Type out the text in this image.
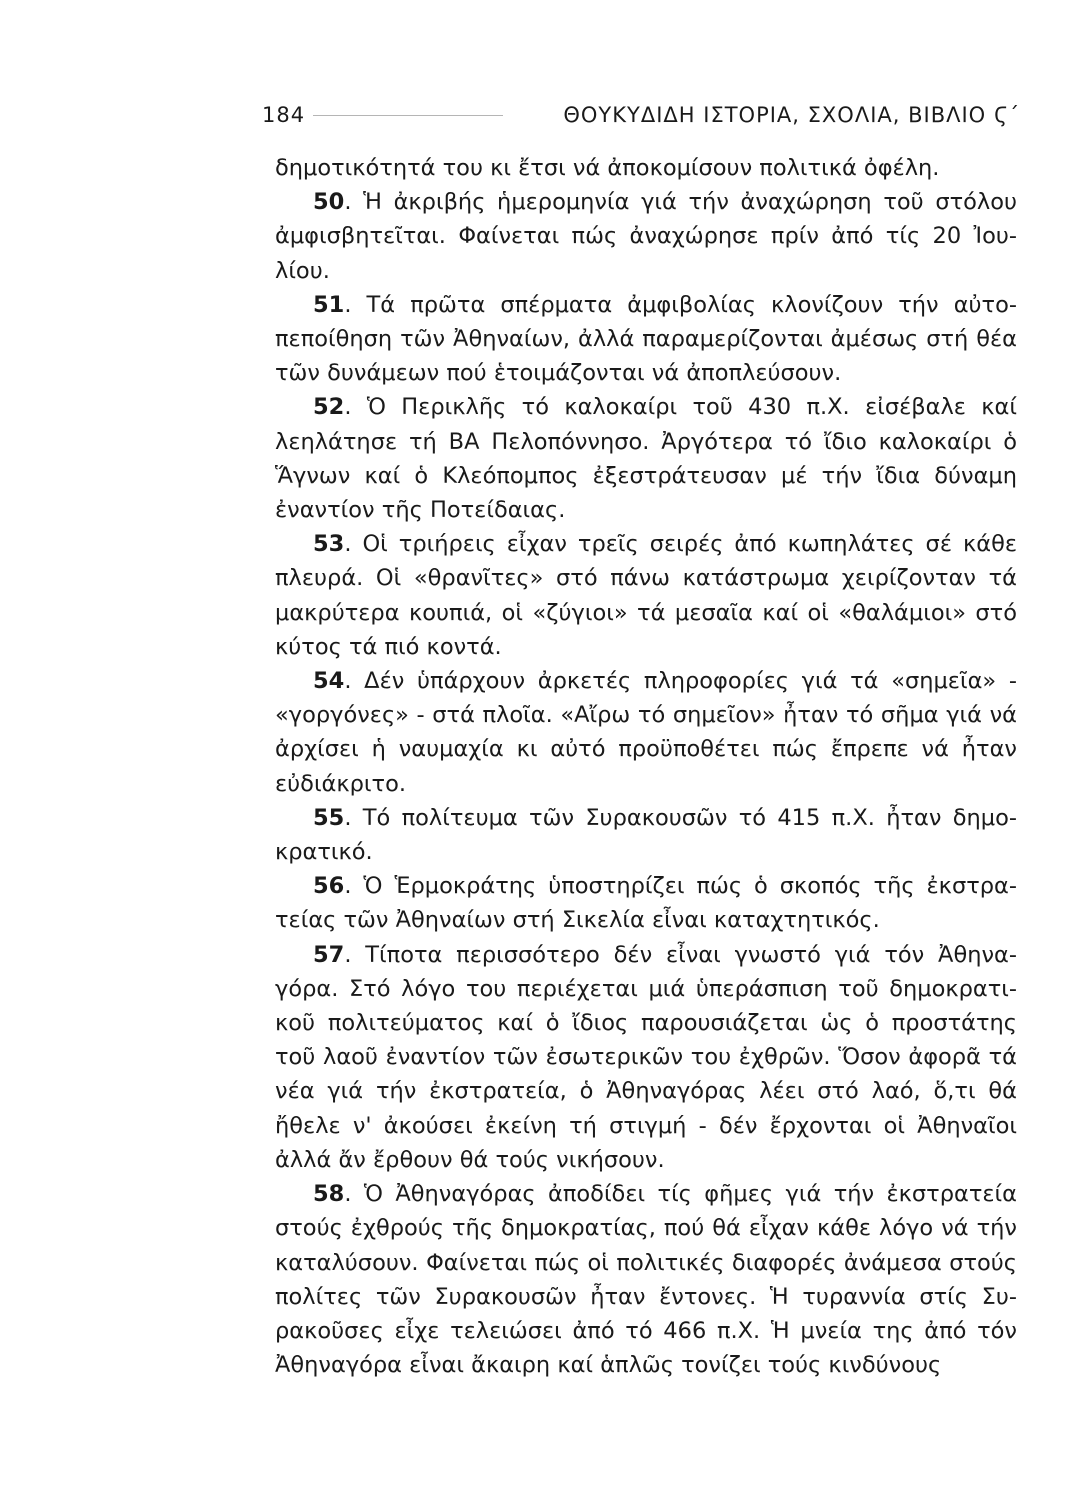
184	ΘΟΥΚΥΔΙΔΗ ΙΣΤΟΡΙΑ, ΣΧΟΛΙΑ, ΒΙΒΛΙΟ Ϛ΄

δημοτικότητά του κι ἔτσι νά ἀποκομίσουν πολιτικά ὀφέλη.

50. Ἡ ἀκριβής ἡμερομηνία γιά τήν ἀναχώρηση τοῦ στόλου ἀμφισβητεῖται. Φαίνεται πώς ἀναχώρησε πρίν ἀπό τίς 20 Ἰουλίου.

51. Τά πρῶτα σπέρματα ἀμφιβολίας κλονίζουν τήν αὐτοπεποίθηση τῶν Ἀθηναίων, ἀλλά παραμερίζονται ἀμέσως στή θέα τῶν δυνάμεων πού ἑτοιμάζονται νά ἀποπλεύσουν.

52. Ὁ Περικλῆς τό καλοκαίρι τοῦ 430 π.Χ. εἰσέβαλε καί λεηλάτησε τή ΒΑ Πελοπόννησο. Ἀργότερα τό ἴδιο καλοκαίρι ὁ Ἅγνων καί ὁ Κλεόπομπος ἐξεστράτευσαν μέ τήν ἴδια δύναμη ἐναντίον τῆς Ποτείδαιας.

53. Οἱ τριήρεις εἶχαν τρεῖς σειρές ἀπό κωπηλάτες σέ κάθε πλευρά. Οἱ «θρανῖτες» στό πάνω κατάστρωμα χειρίζονταν τά μακρύτερα κουπιά, οἱ «ζύγιοι» τά μεσαῖα καί οἱ «θαλάμιοι» στό κύτος τά πιό κοντά.

54. Δέν ὑπάρχουν ἀρκετές πληροφορίες γιά τά «σημεῖα» - «γοργόνες» - στά πλοῖα. «Αἴρω τό σημεῖον» ἦταν τό σῆμα γιά νά ἀρχίσει ἡ ναυμαχία κι αὐτό προϋποθέτει πώς ἔπρεπε νά ἦταν εὐδιάκριτο.

55. Τό πολίτευμα τῶν Συρακουσῶν τό 415 π.Χ. ἦταν δημοκρατικό.

56. Ὁ Ἑρμοκράτης ὑποστηρίζει πώς ὁ σκοπός τῆς ἐκστρατείας τῶν Ἀθηναίων στή Σικελία εἶναι καταχτητικός.

57. Τίποτα περισσότερο δέν εἶναι γνωστό γιά τόν Ἀθηναγόρα. Στό λόγο του περιέχεται μιά ὑπεράσπιση τοῦ δημοκρατικοῦ πολιτεύματος καί ὁ ἴδιος παρουσιάζεται ὡς ὁ προστάτης τοῦ λαοῦ ἐναντίον τῶν ἐσωτερικῶν του ἐχθρῶν. Ὅσον ἀφορᾶ τά νέα γιά τήν ἐκστρατεία, ὁ Ἀθηναγόρας λέει στό λαό, ὅ,τι θά ἤθελε ν' ἀκούσει ἐκείνη τή στιγμή - δέν ἔρχονται οἱ Ἀθηναῖοι ἀλλά ἄν ἔρθουν θά τούς νικήσουν.

58. Ὁ Ἀθηναγόρας ἀποδίδει τίς φῆμες γιά τήν ἐκστρατεία στούς ἐχθρούς τῆς δημοκρατίας, πού θά εἶχαν κάθε λόγο νά τήν καταλύσουν. Φαίνεται πώς οἱ πολιτικές διαφορές ἀνάμεσα στούς πολίτες τῶν Συρακουσῶν ἦταν ἔντονες. Ἡ τυραννία στίς Συρακοῦσες εἶχε τελειώσει ἀπό τό 466 π.Χ. Ἡ μνεία της ἀπό τόν Ἀθηναγόρα εἶναι ἄκαιρη καί ἁπλῶς τονίζει τούς κινδύνους
